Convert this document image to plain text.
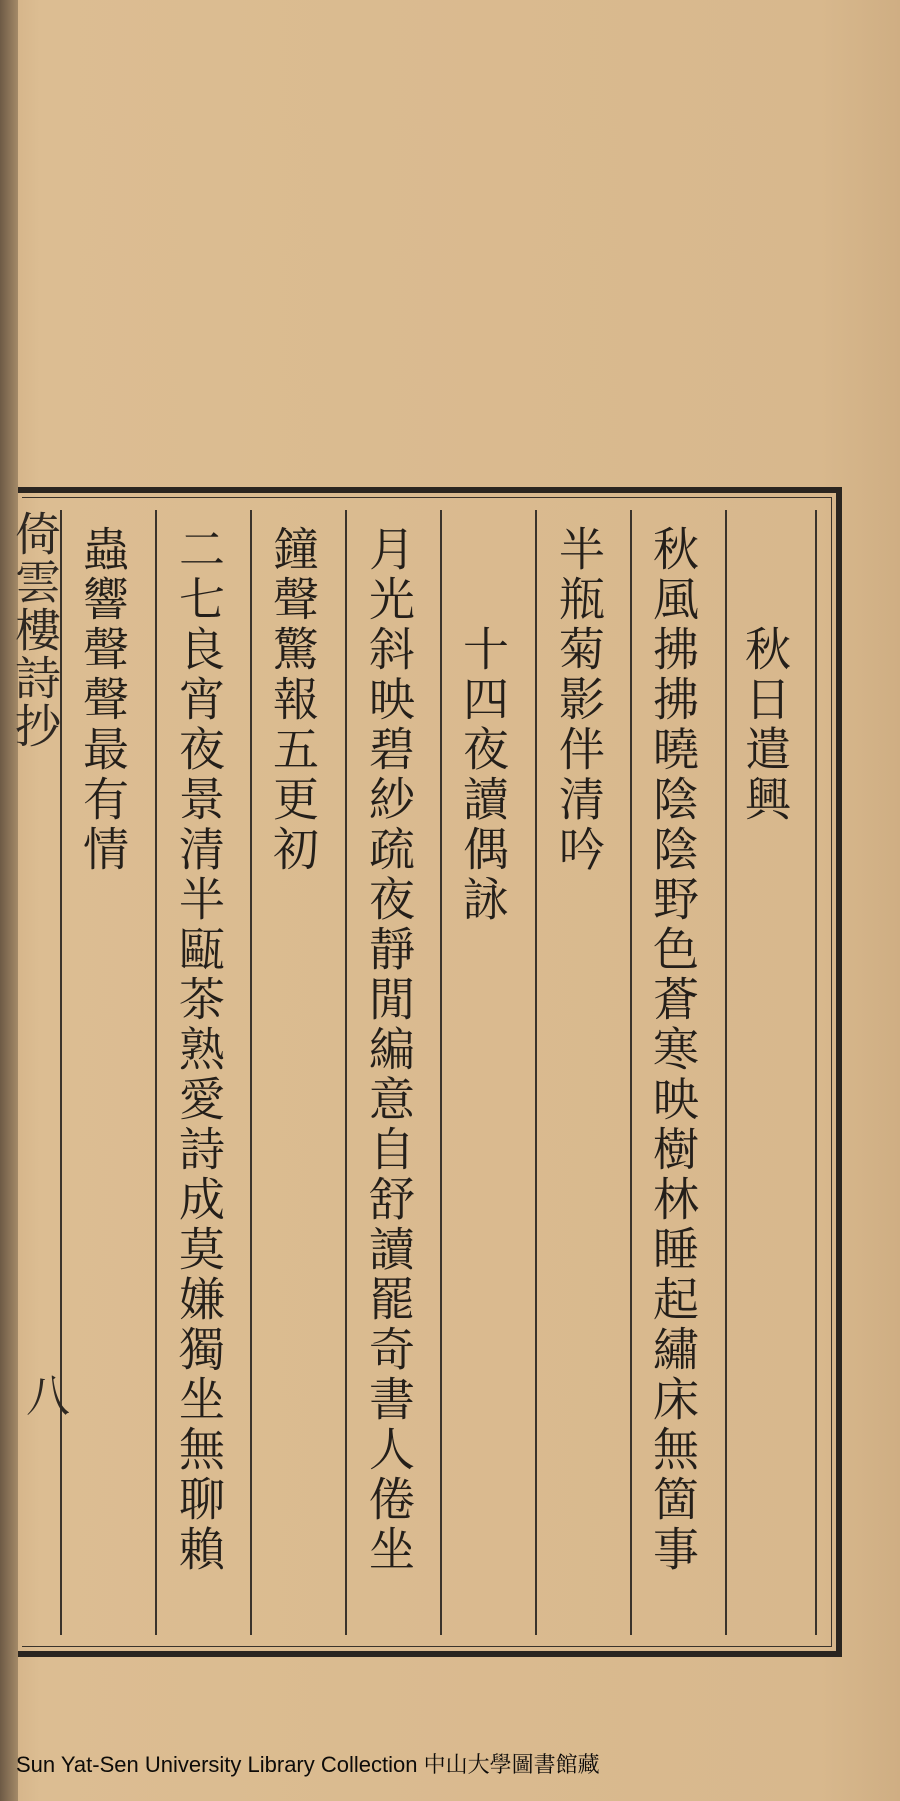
秋日遣興
秋風拂拂曉陰陰野色蒼寒映樹林睡起繡床無箇事
半瓶菊影伴清吟
十四夜讀偶詠
月光斜映碧紗疏夜靜閒編意自舒讀罷奇書人倦坐
鐘聲驚報五更初
二七良宵夜景清半甌茶熟愛詩成莫嫌獨坐無聊賴
蟲響聲聲最有情
倚雲樓詩抄
八
Sun Yat-Sen University Library Collection 中山大學圖書館藏
